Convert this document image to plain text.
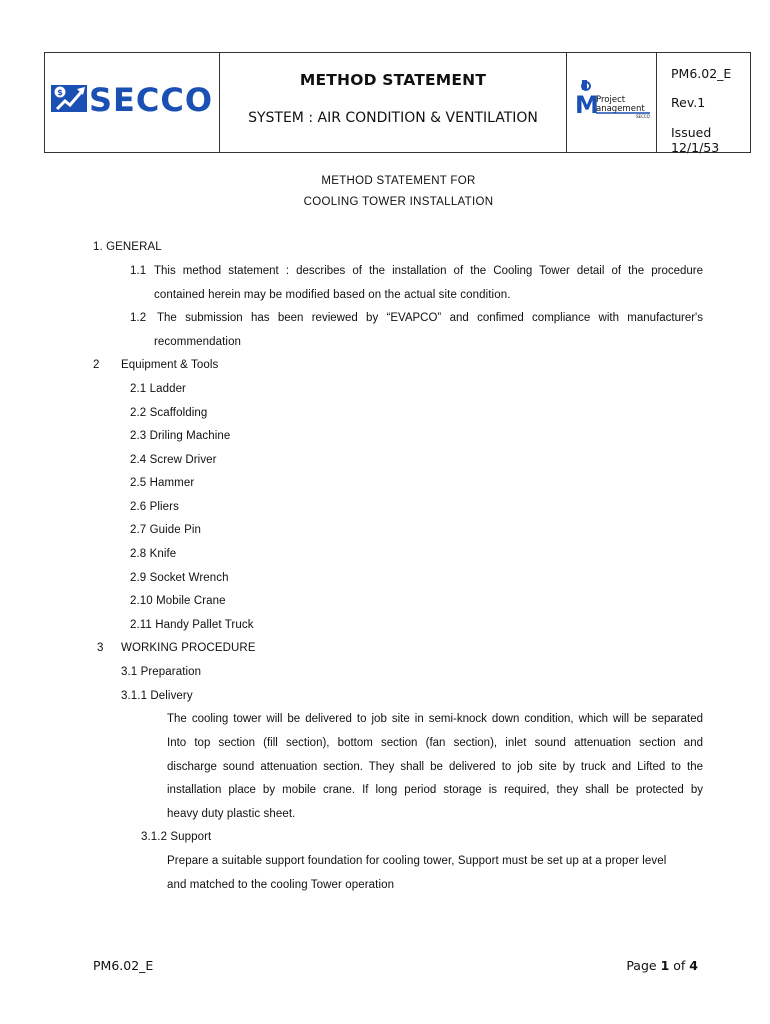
$ SECCO
METHOD STATEMENT
SYSTEM : AIR CONDITION & VENTILATION	M
Project
anagement
SECCO
PM6.02_E
Rev.1
Issued 12/1/53
METHOD STATEMENT FOR
COOLING TOWER INSTALLATION
1. GENERAL
1.1 This method statement : describes of the installation of the Cooling Tower detail of the procedure
contained herein may be modified based on the actual site condition.
1.2 The submission has been reviewed by “EVAPCO” and confimed compliance with manufacturer's
recommendation
2 Equipment & Tools
2.1 Ladder
2.2 Scaffolding
2.3 Driling Machine
2.4 Screw Driver
2.5 Hammer
2.6 Pliers
2.7 Guide Pin
2.8 Knife
2.9 Socket Wrench
2.10 Mobile Crane
2.11 Handy Pallet Truck
3 WORKING PROCEDURE
3.1 Preparation
3.1.1 Delivery
The cooling tower will be delivered to job site in semi-knock down condition, which will be separated
Into top section (fill section), bottom section (fan section), inlet sound attenuation section and
discharge sound attenuation section. They shall be delivered to job site by truck and Lifted to the
installation place by mobile crane. If long period storage is required, they shall be protected by
heavy duty plastic sheet.
3.1.2 Support
Prepare a suitable support foundation for cooling tower, Support must be set up at a proper level
and matched to the cooling Tower operation
PM6.02_E	Page 1 of 4
